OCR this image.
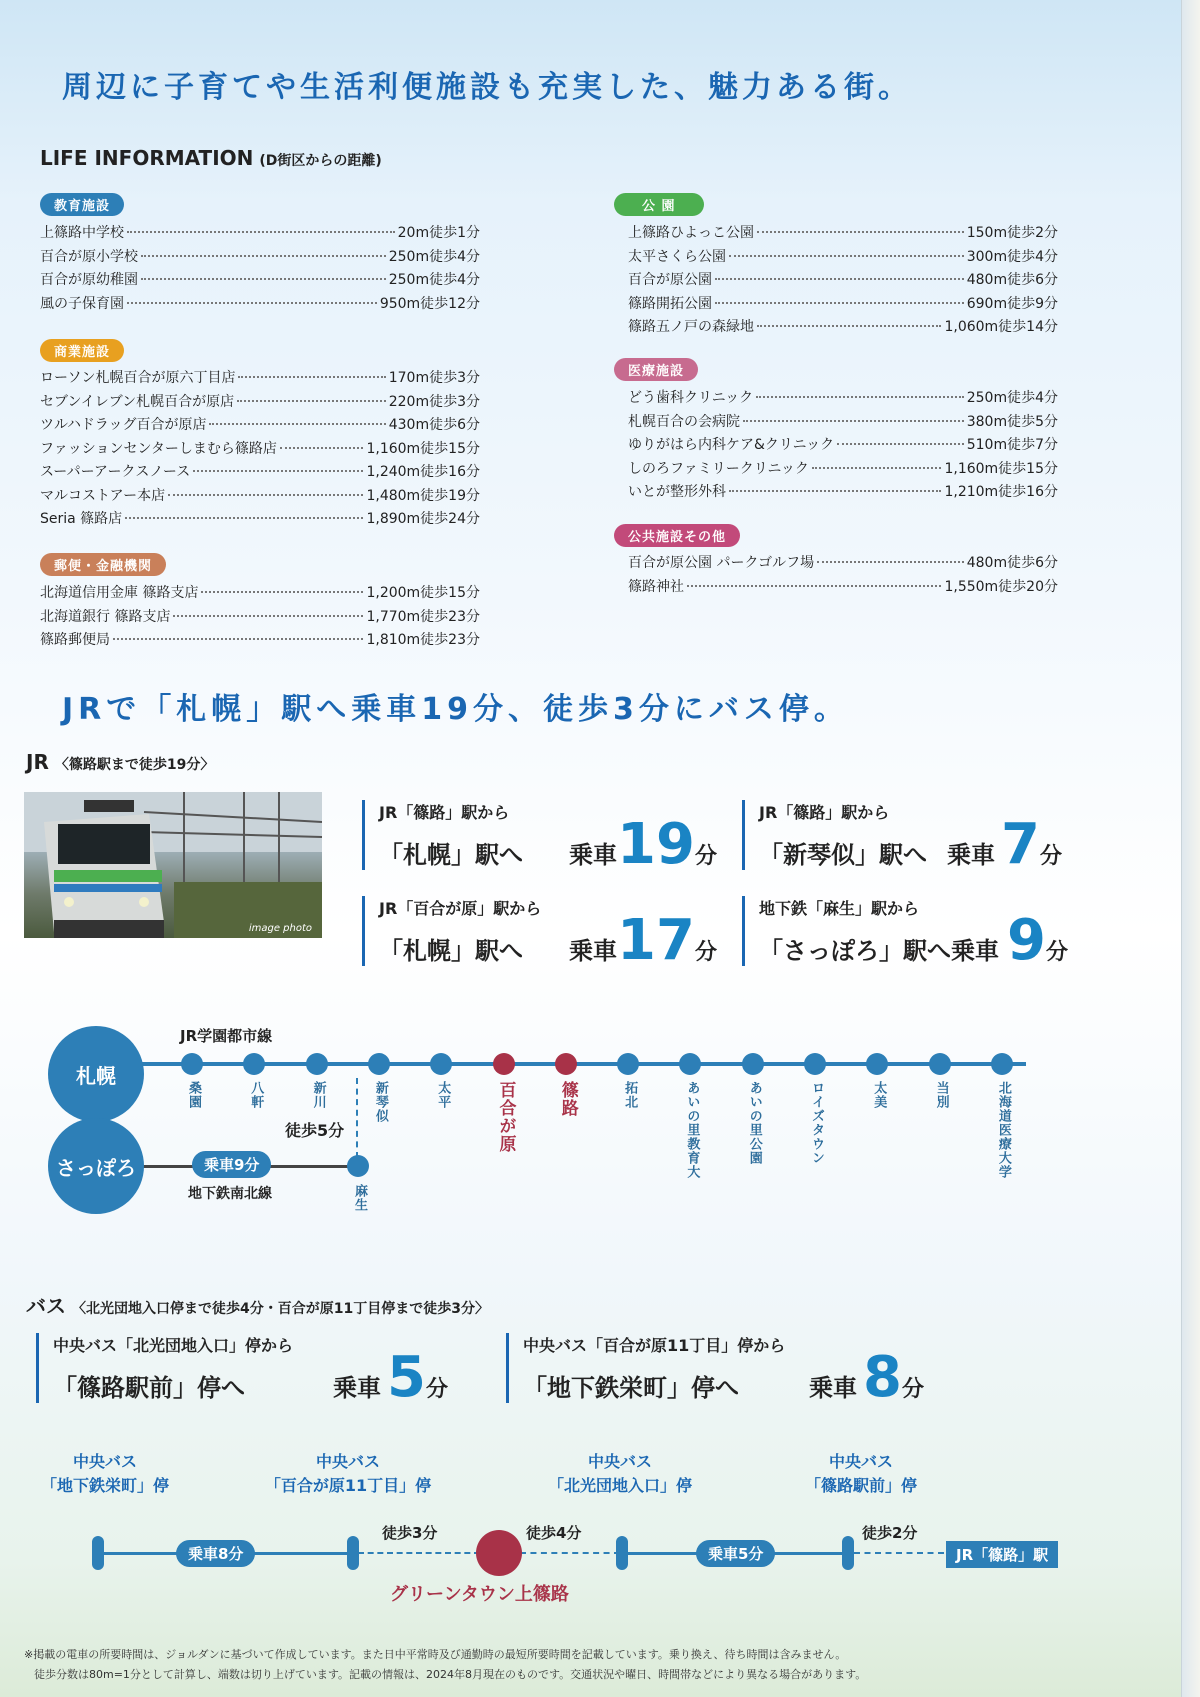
周辺に子育てや生活利便施設も充実した、魅力ある街。
LIFE INFORMATION (D街区からの距離)
教育施設
上篠路中学校	20m徒歩1分
百合が原小学校	250m徒歩4分
百合が原幼稚園	250m徒歩4分
風の子保育園	950m徒歩12分
商業施設
ローソン札幌百合が原六丁目店	170m徒歩3分
セブンイレブン札幌百合が原店	220m徒歩3分
ツルハドラッグ百合が原店	430m徒歩6分
ファッションセンターしまむら篠路店	1,160m徒歩15分
スーパーアークスノース	1,240m徒歩16分
マルコストアー本店	1,480m徒歩19分
Seria 篠路店	1,890m徒歩24分
郵便・金融機関
北海道信用金庫 篠路支店	1,200m徒歩15分
北海道銀行 篠路支店	1,770m徒歩23分
篠路郵便局	1,810m徒歩23分
公 園
上篠路ひよっこ公園	150m徒歩2分
太平さくら公園	300m徒歩4分
百合が原公園	480m徒歩6分
篠路開拓公園	690m徒歩9分
篠路五ノ戸の森緑地	1,060m徒歩14分
医療施設
どう歯科クリニック	250m徒歩4分
札幌百合の会病院	380m徒歩5分
ゆりがはら内科ケア&クリニック	510m徒歩7分
しのろファミリークリニック	1,160m徒歩15分
いとが整形外科	1,210m徒歩16分
公共施設その他
百合が原公園 パークゴルフ場	480m徒歩6分
篠路神社	1,550m徒歩20分
JRで「札幌」駅へ乗車19分、徒歩3分にバス停。
JR 〈篠路駅まで徒歩19分〉
image photo
JR「篠路」駅から
「札幌」駅へ 乗車 19 分
JR「篠路」駅から
「新琴似」駅へ 乗車 7 分
JR「百合が原」駅から
「札幌」駅へ 乗車 17 分
地下鉄「麻生」駅から
「さっぽろ」駅へ 乗車 9 分
JR学園都市線
札幌
桑園	八軒	新川	新琴似	太平	百合が原 篠路	拓北	あいの里教育大	あいの里公園	ロイズタウン	太美	当別	北海道医療大学
徒歩5分
さっぽろ	乗車9分
地下鉄南北線	麻生
バス 〈北光団地入口停まで徒歩4分・百合が原11丁目停まで徒歩3分〉
中央バス「北光団地入口」停から
「篠路駅前」停へ	乗車 5 分
中央バス「百合が原11丁目」停から
「地下鉄栄町」停へ	乗車 8 分
中央バス
「地下鉄栄町」停
中央バス
「百合が原11丁目」停
中央バス
「北光団地入口」停
中央バス
「篠路駅前」停
乗車8分
徒歩3分	徒歩4分
乗車5分
徒歩2分
JR「篠路」駅
グリーンタウン上篠路
※掲載の電車の所要時間は、ジョルダンに基づいて作成しています。また日中平常時及び通勤時の最短所要時間を記載しています。乗り換え、待ち時間は含みません。
徒歩分数は80m=1分として計算し、端数は切り上げています。記載の情報は、2024年8月現在のものです。交通状況や曜日、時間帯などにより異なる場合があります。
